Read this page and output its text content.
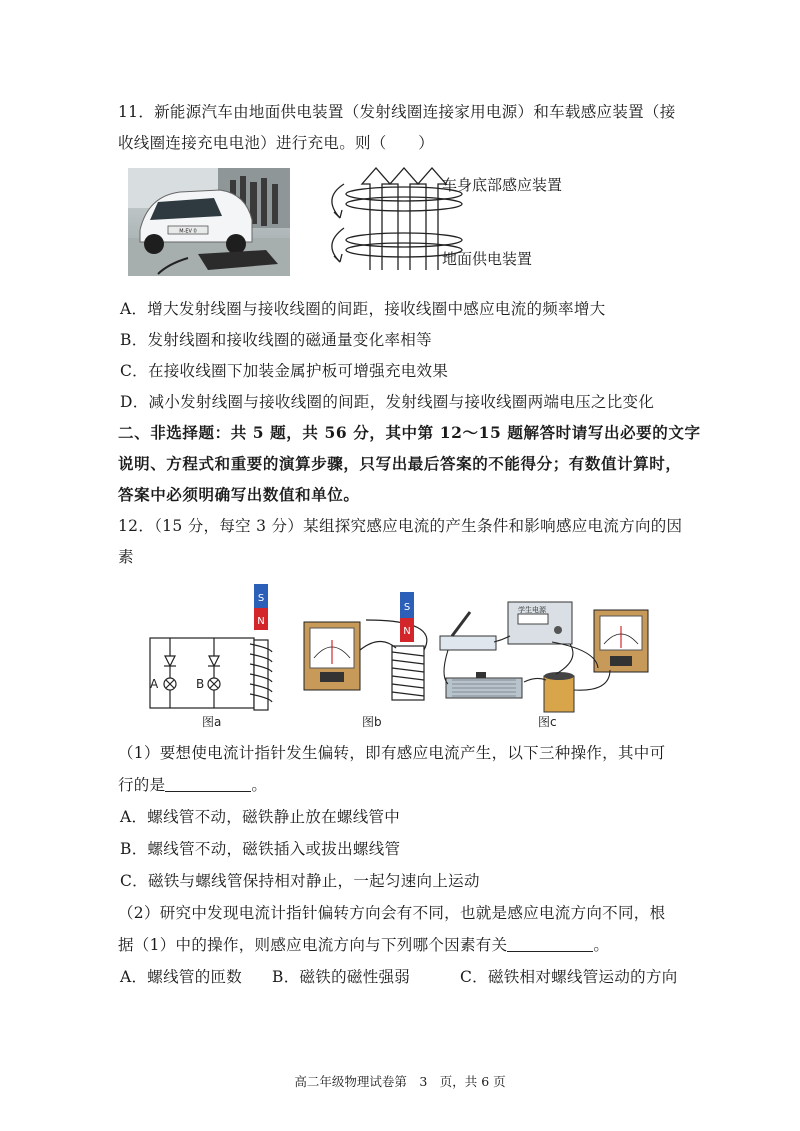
11．新能源汽车由地面供电装置（发射线圈连接家用电源）和车载感应装置（接
收线圈连接充电电池）进行充电。则（　　）
M-EV 0
车身底部感应装置
地面供电装置
A．增大发射线圈与接收线圈的间距，接收线圈中感应电流的频率增大
B．发射线圈和接收线圈的磁通量变化率相等
C．在接收线圈下加装金属护板可增强充电效果
D．减小发射线圈与接收线圈的间距，发射线圈与接收线圈两端电压之比变化
二、非选择题：共 5 题，共 56 分，其中第 12～15 题解答时请写出必要的文字
说明、方程式和重要的演算步骤，只写出最后答案的不能得分；有数值计算时，
答案中必须明确写出数值和单位。
12．（15 分，每空 3 分）某组探究感应电流的产生条件和影响感应电流方向的因
素
S
N
A	B
图a
S
N
图b
学生电源
图c
（1）要想使电流计指针发生偏转，即有感应电流产生，以下三种操作，其中可
行的是	。
A．螺线管不动，磁铁静止放在螺线管中
B．螺线管不动，磁铁插入或拔出螺线管
C．磁铁与螺线管保持相对静止，一起匀速向上运动
（2）研究中发现电流计指针偏转方向会有不同，也就是感应电流方向不同，根
据（1）中的操作，则感应电流方向与下列哪个因素有关	。
A．螺线管的匝数 B．磁铁的磁性强弱	C．磁铁相对螺线管运动的方向
高二年级物理试卷第　3　页，共 6 页
